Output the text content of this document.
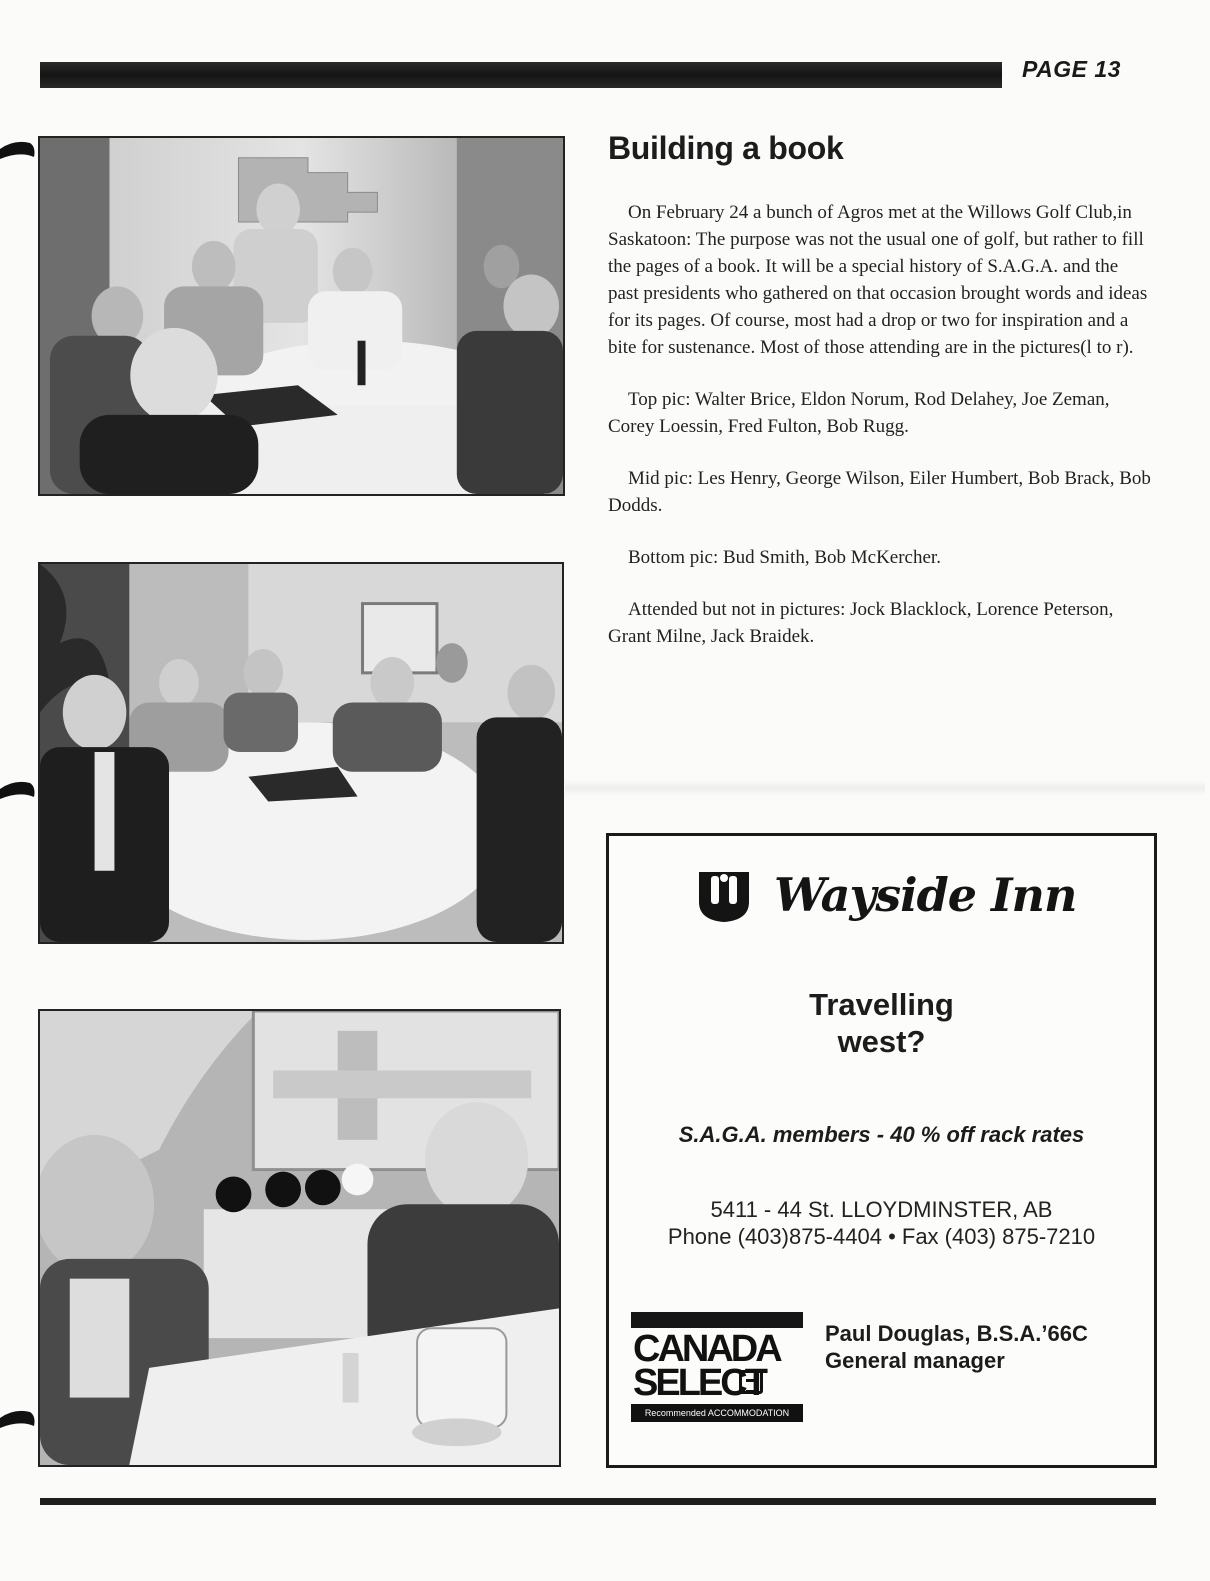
PAGE 13
Building a book

On February 24 a bunch of Agros met at the Willows Golf Club,in Saskatoon: The purpose was not the usual one of golf, but rather to fill the pages of a book. It will be a special history of S.A.G.A. and the past presidents who gathered on that occasion brought words and ideas for its pages. Of course, most had a drop or two for inspiration and a bite for sustenance. Most of those attending are in the pictures(l to r).

Top pic: Walter Brice, Eldon Norum, Rod Delahey, Joe Zeman, Corey Loessin, Fred Fulton, Bob Rugg.

Mid pic: Les Henry, George Wilson, Eiler Humbert, Bob Brack, Bob Dodds.

Bottom pic: Bud Smith, Bob McKercher.

Attended but not in pictures: Jock Blacklock, Lorence Peterson, Grant Milne, Jack Braidek.

Wayside Inn
Travelling
west?
S.A.G.A. members - 40 % off rack rates
5411 - 44 St. LLOYDMINSTER, AB
Phone (403)875-4404 • Fax (403) 875-7210
CANADA
SELECT
Recommended ACCOMMODATION
Paul Douglas, B.S.A.’66C
General manager
